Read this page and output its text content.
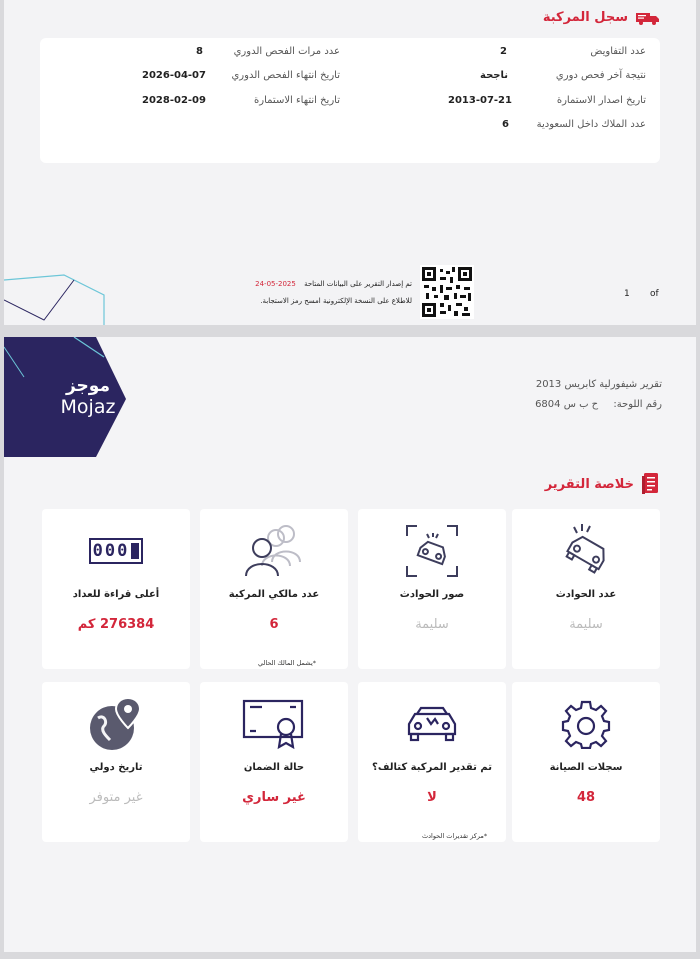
سجل المركبة
عدد التفاويض
2
عدد مرات الفحص الدوري
8
نتيجة آخر فحص دوري
ناجحة
تاريخ انتهاء الفحص الدوري
2026-04-07
تاريخ اصدار الاستمارة
2013-07-21
تاريخ انتهاء الاستمارة
2028-02-09
عدد الملاك داخل السعودية
6
تم إصدار التقرير على البيانات المتاحة 2025-05-24
للاطلاع على النسخة الإلكترونية امسح رمز الاستجابة.
1 of
موجز
Mojaz
تقرير شيفورلية كابريس 2013
رقم اللوحة: ح ب س 6804
خلاصة التقرير
عدد الحوادث
سليمة
صور الحوادث
سليمة
عدد مالكي المركبة
6
*يشمل المالك الحالي
000
أعلى قراءة للعداد
276384 كم
سجلات الصيانة
48
تم تقدير المركبة كتالف؟
لا
*مركز تقديرات الحوادث
حالة الضمان
غير ساري
تاريخ دولي
غير متوفر
